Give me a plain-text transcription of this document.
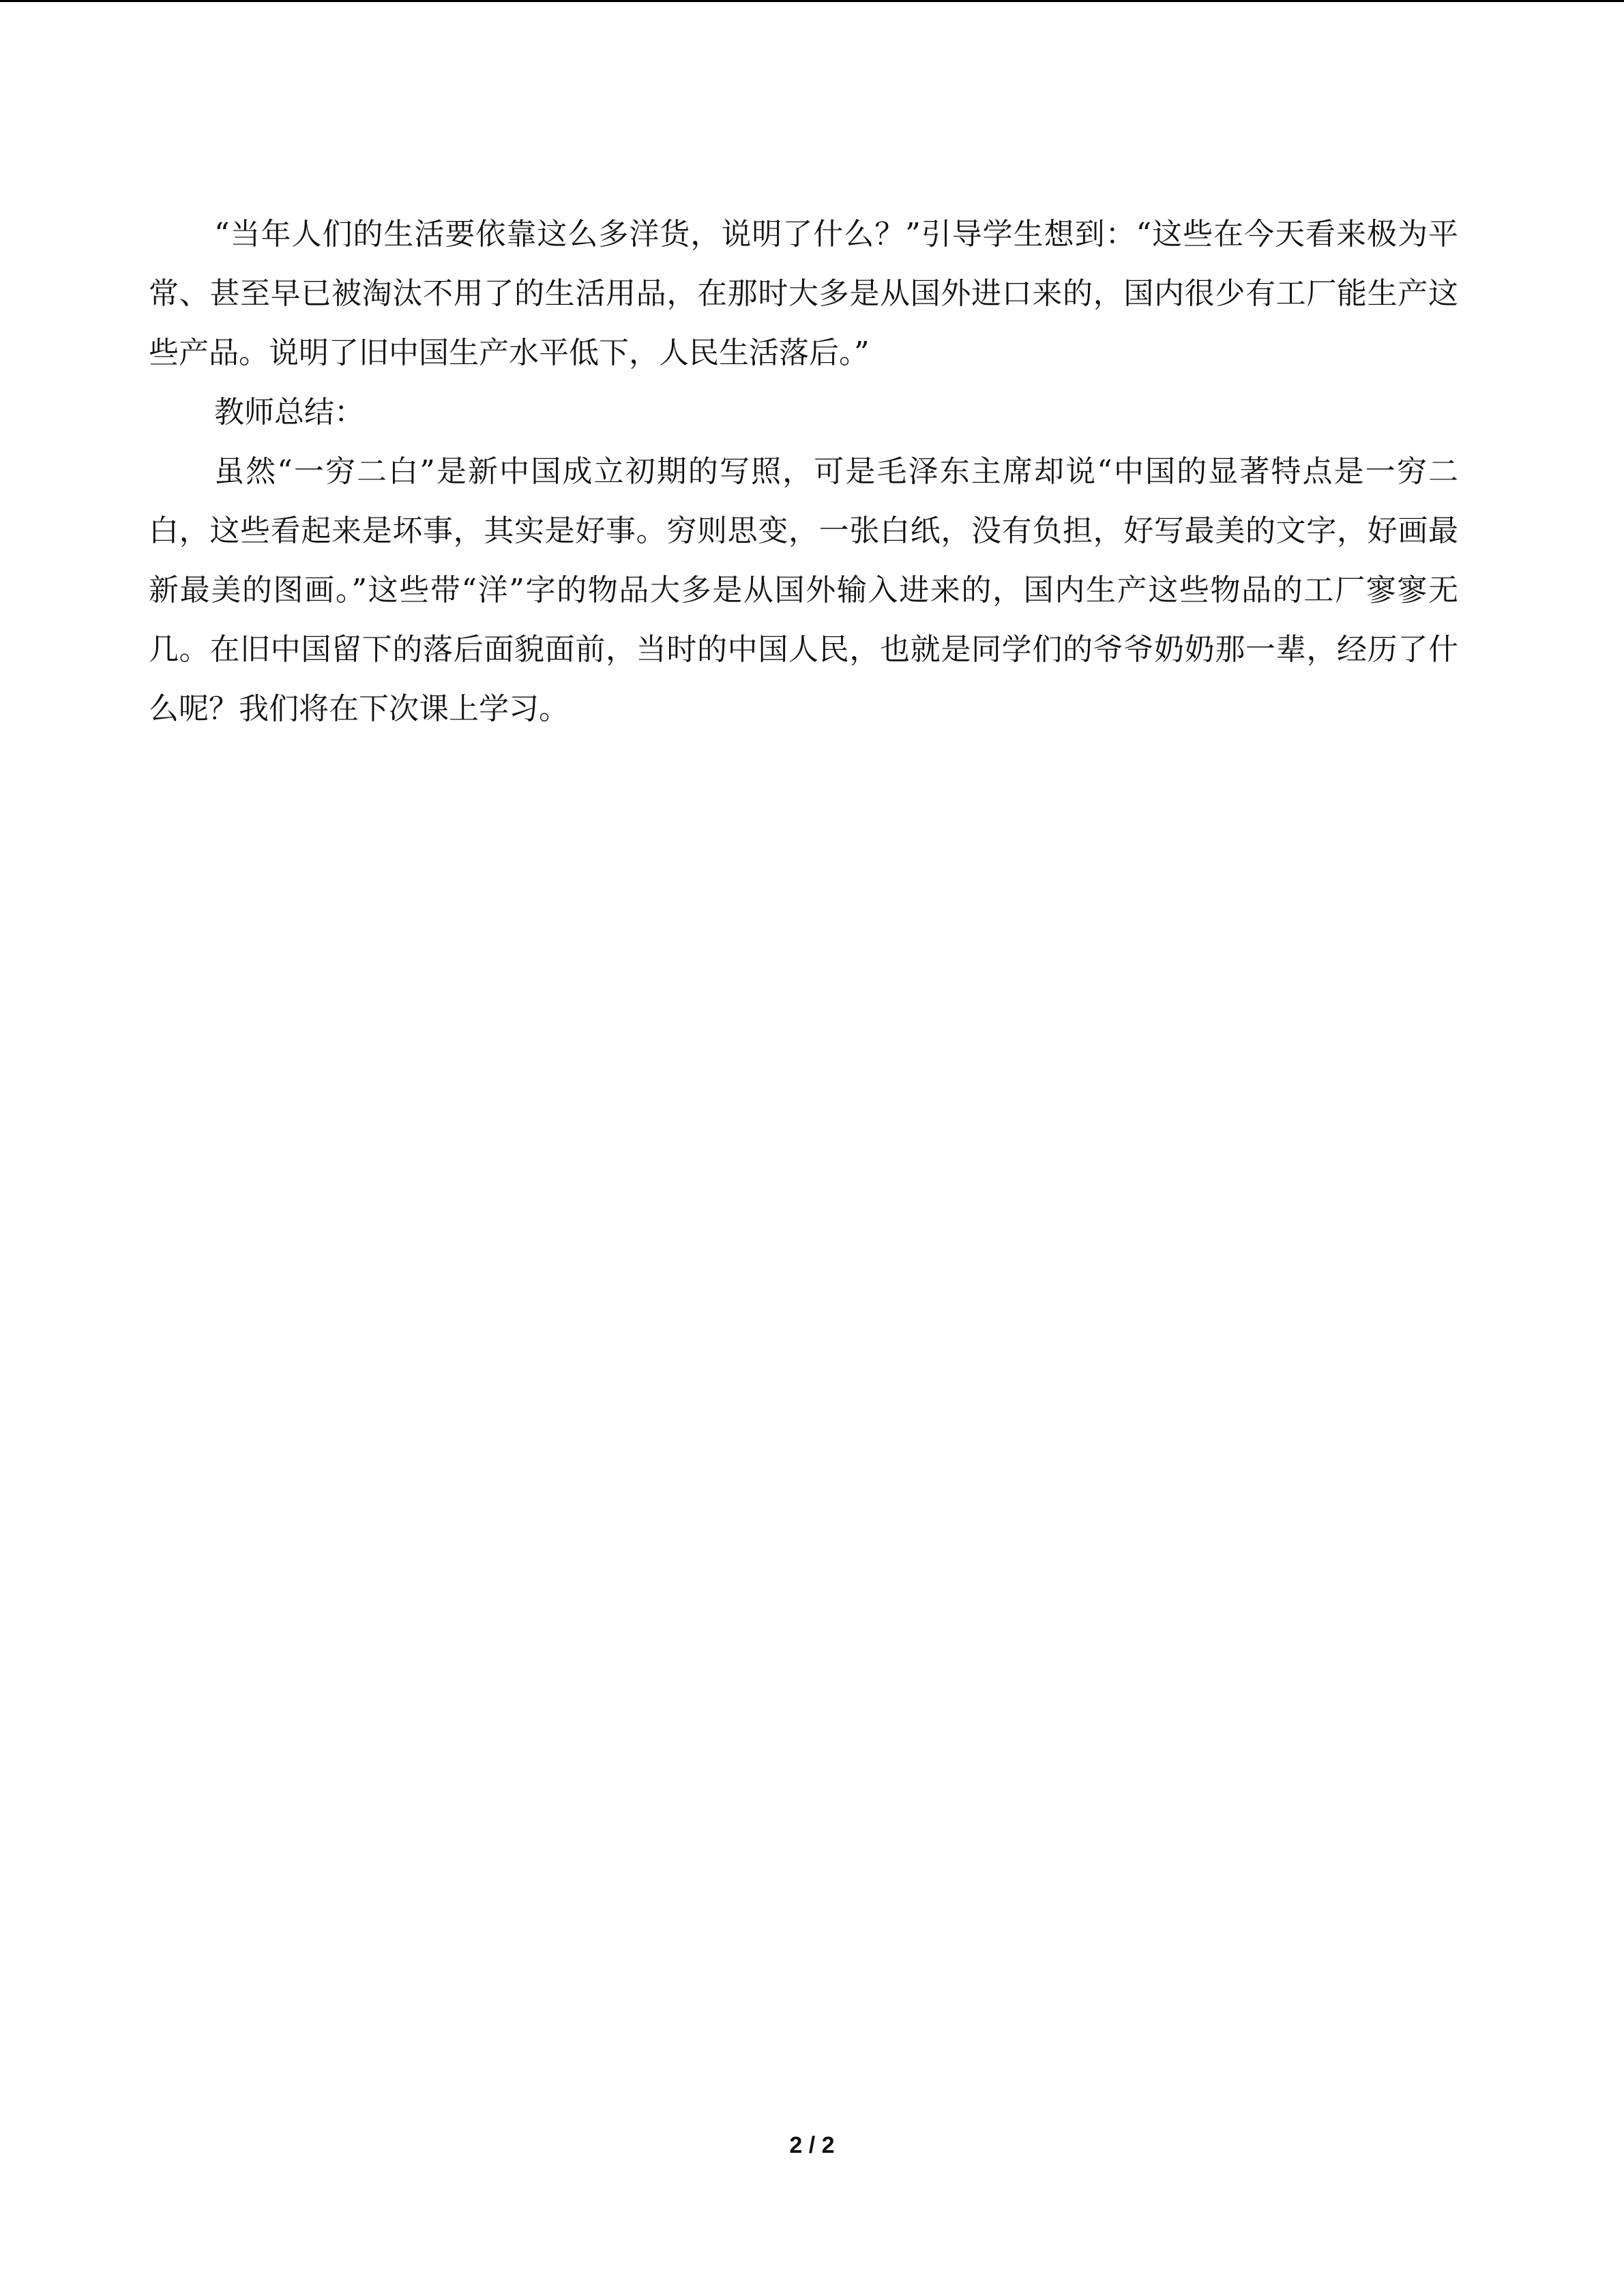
“当年人们的生活要依靠这么多洋货，说明了什么？”引导学生想到：“这些在今天看来极为平常、甚至早已被淘汰不用了的生活用品，在那时大多是从国外进口来的，国内很少有工厂能生产这些产品。说明了旧中国生产水平低下，人民生活落后。”

教师总结：

虽然“一穷二白”是新中国成立初期的写照，可是毛泽东主席却说“中国的显著特点是一穷二白，这些看起来是坏事，其实是好事。穷则思变，一张白纸，没有负担，好写最美的文字，好画最新最美的图画。”这些带“洋”字的物品大多是从国外输入进来的，国内生产这些物品的工厂寥寥无几。在旧中国留下的落后面貌面前，当时的中国人民，也就是同学们的爷爷奶奶那一辈，经历了什么呢？我们将在下次课上学习。

2 / 2
